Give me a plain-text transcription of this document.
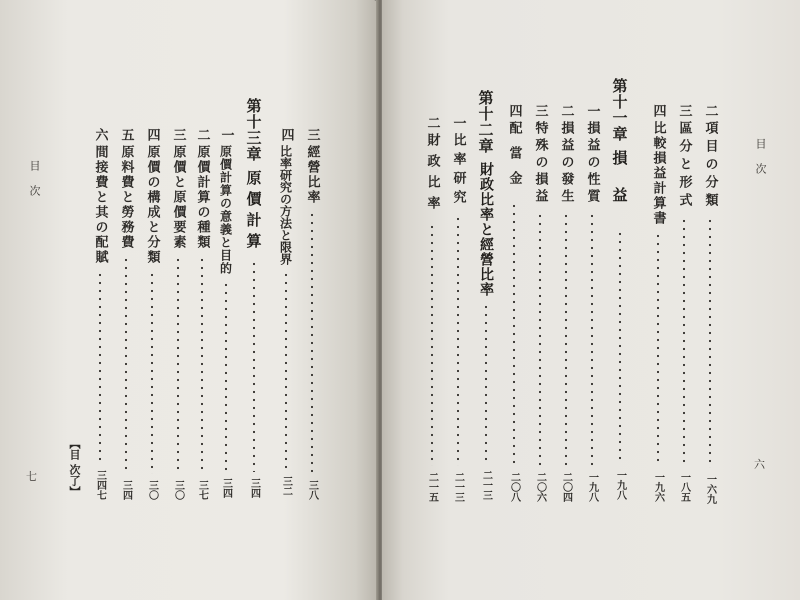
目次
七	【目 次了】
三
經營比率
三八
四
比率研究の方法と限界
三二
第十三章
原價計算
三四
一
原價計算の意義と目的
三四
二
原價計算の種類
三七
三
原價と原價要素
三〇
四
原價の構成と分類
三〇
五
原料費と勞務費
三四
六
間接費と其の配賦
三四七
目次
六
二
項目の分類
一六九
三
區分と形式
一八五
四
比較損益計算書
一九六
第十一章
損益
一九八
一
損益の性質
一九八
二
損益の發生
二〇四
三
特殊の損益
二〇六
四
配當金
二〇八
第十二章
財政比率と經營比率
二一三
一
比率研究
二一三
二
財政比率
二一五
